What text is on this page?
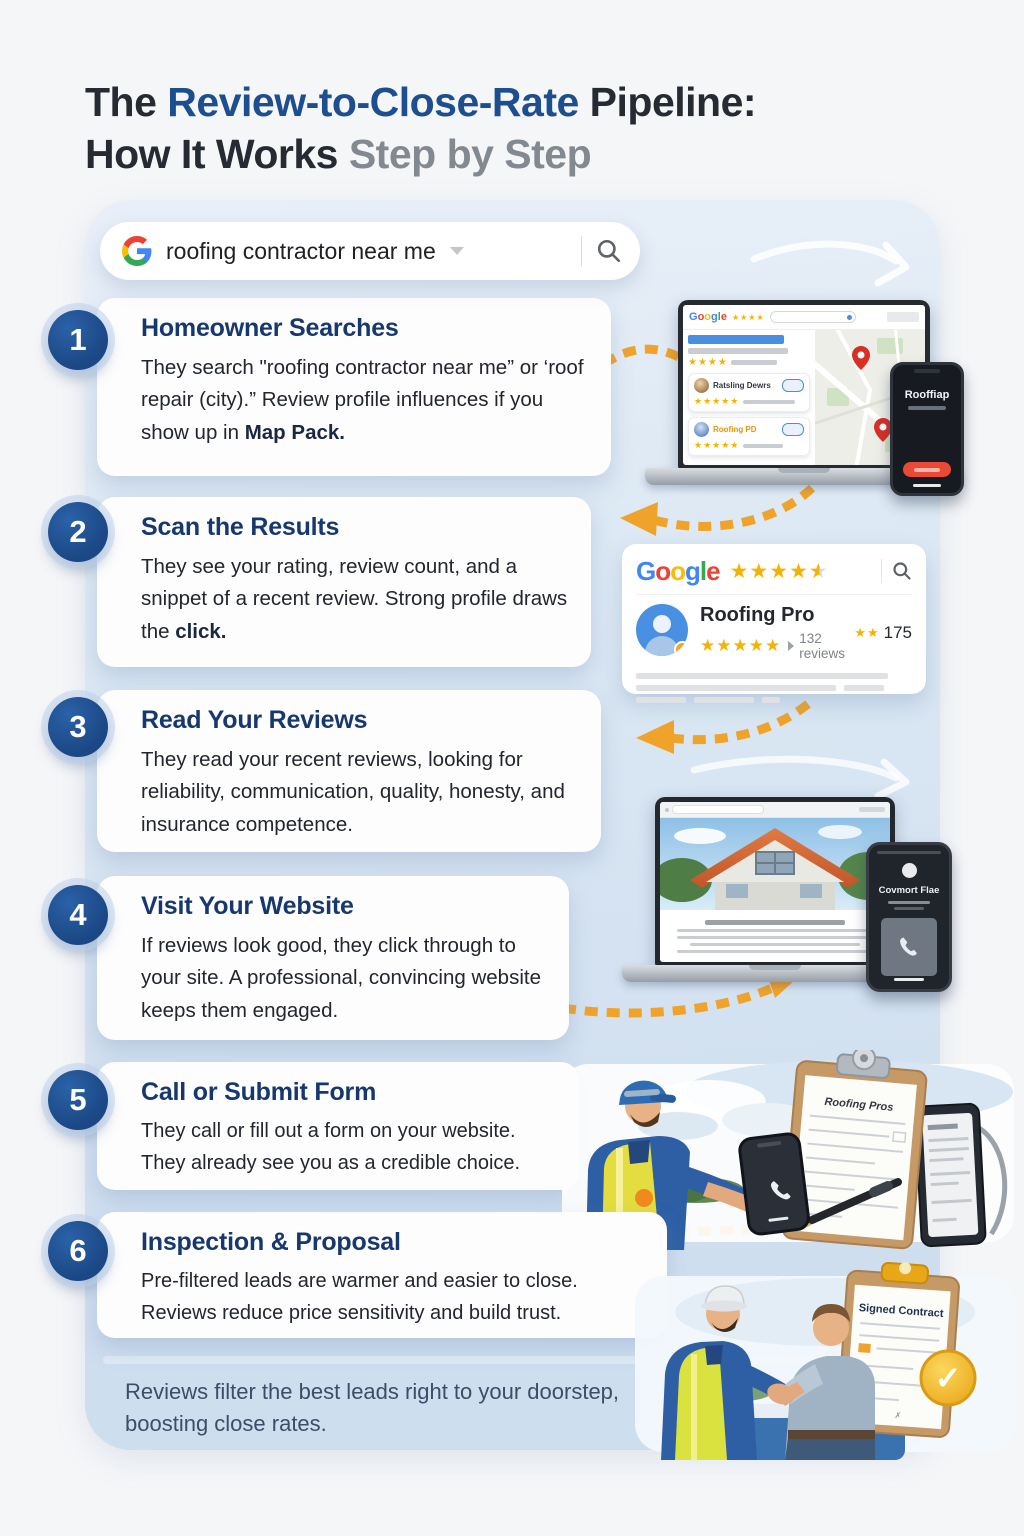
The Review-to-Close-Rate Pipeline:
How It Works Step by Step
roofing contractor near me
1 Homeowner Searches

They search "roofing contractor near me” or ‘roof repair (city).” Review profile influences if you show up in Map Pack.

Google ★★★★
★★★★
Ratsling Dewrs
★★★★★
Roofing PD
★★★★★
Rooffiap
2 Scan the Results

They see your rating, review count, and a snippet of a recent review. Strong profile draws the click.

Google ★★★★ ★
Roofing Pro
★★★★★ 132 reviews
★★ 175
3 Read Your Reviews

They read your recent reviews, looking for reliability, communication, quality, honesty, and insurance competence.

Covmort Flae
4 Visit Your Website

If reviews look good, they click through to your site. A professional, convincing website keeps them engaged.

5 Call or Submit Form

They call or fill out a form on your website. They already see you as a credible choice.

Roofing Pros
6 Inspection & Proposal

Pre-filtered leads are warmer and easier to close. Reviews reduce price sensitivity and build trust.	Signed Contract
✗
✓

Reviews filter the best leads right to your doorstep, boosting close rates.
